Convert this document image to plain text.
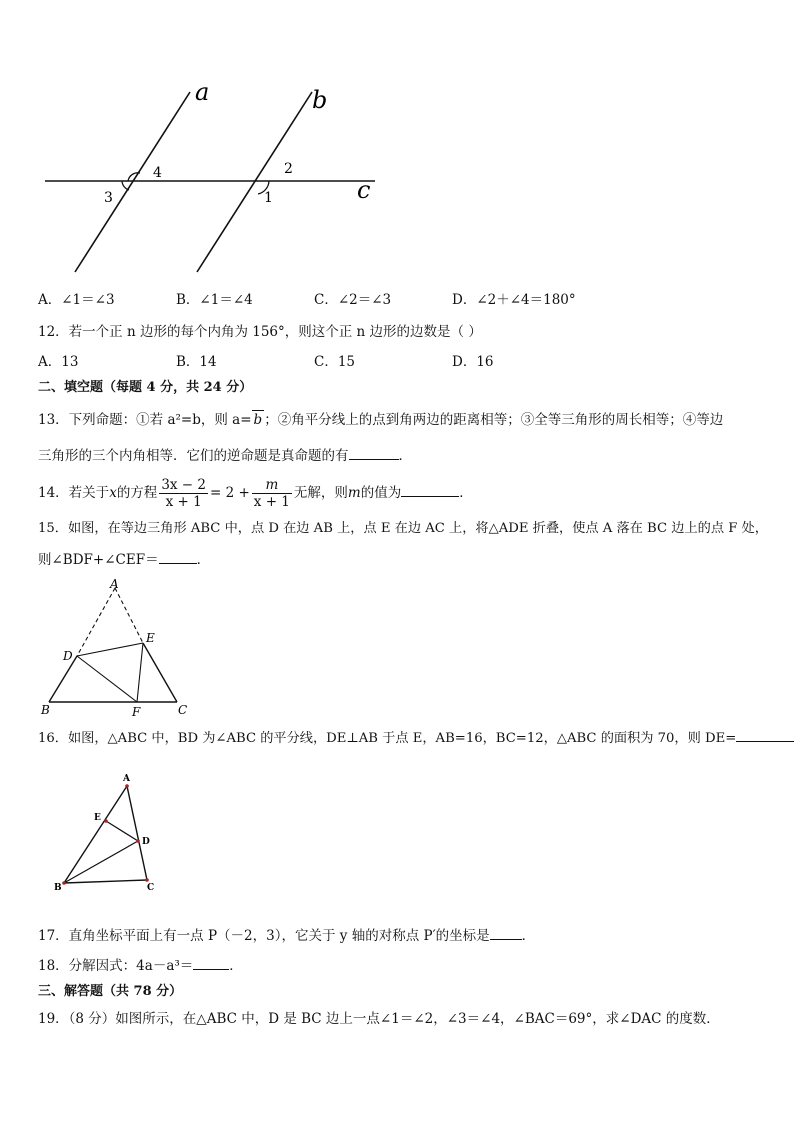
a	b
c
4
3
2
1
A．∠1＝∠3	B．∠1＝∠4	C．∠2＝∠3	D．∠2＋∠4＝180°
12．若一个正 n 边形的每个内角为 156°，则这个正 n 边形的边数是（ ）
A．13	B．14	C．15	D．16
二、填空题（每题 4 分，共 24 分）
13．下列命题：①若 a²=b，则 a= b ；②角平分线上的点到角两边的距离相等；③全等三角形的周长相等；④等边
三角形的三个内角相等．它们的逆命题是真命题的有	．
14．若关于x的方程 $\frac{3x - 2}{x + 1} = 2 + \frac{m}{x + 1}$ 无解，则m的值为	．
15．如图，在等边三角形 ABC 中，点 D 在边 AB 上，点 E 在边 AC 上，将△ADE 折叠，使点 A 落在 BC 边上的点 F 处，
则∠BDF+∠CEF＝	．
A
D
E
B	F	C
16．如图，△ABC 中，BD 为∠ABC 的平分线，DE⊥AB 于点 E，AB=16，BC=12，△ABC 的面积为 70，则 DE=
A
E
D
B	C
17．直角坐标平面上有一点 P（－2，3），它关于 y 轴的对称点 P′的坐标是 ．
18．分解因式：4a－a³＝	．
三、解答题（共 78 分）
19．（8 分）如图所示，在△ABC 中，D 是 BC 边上一点∠1＝∠2，∠3＝∠4，∠BAC＝69°，求∠DAC 的度数．
